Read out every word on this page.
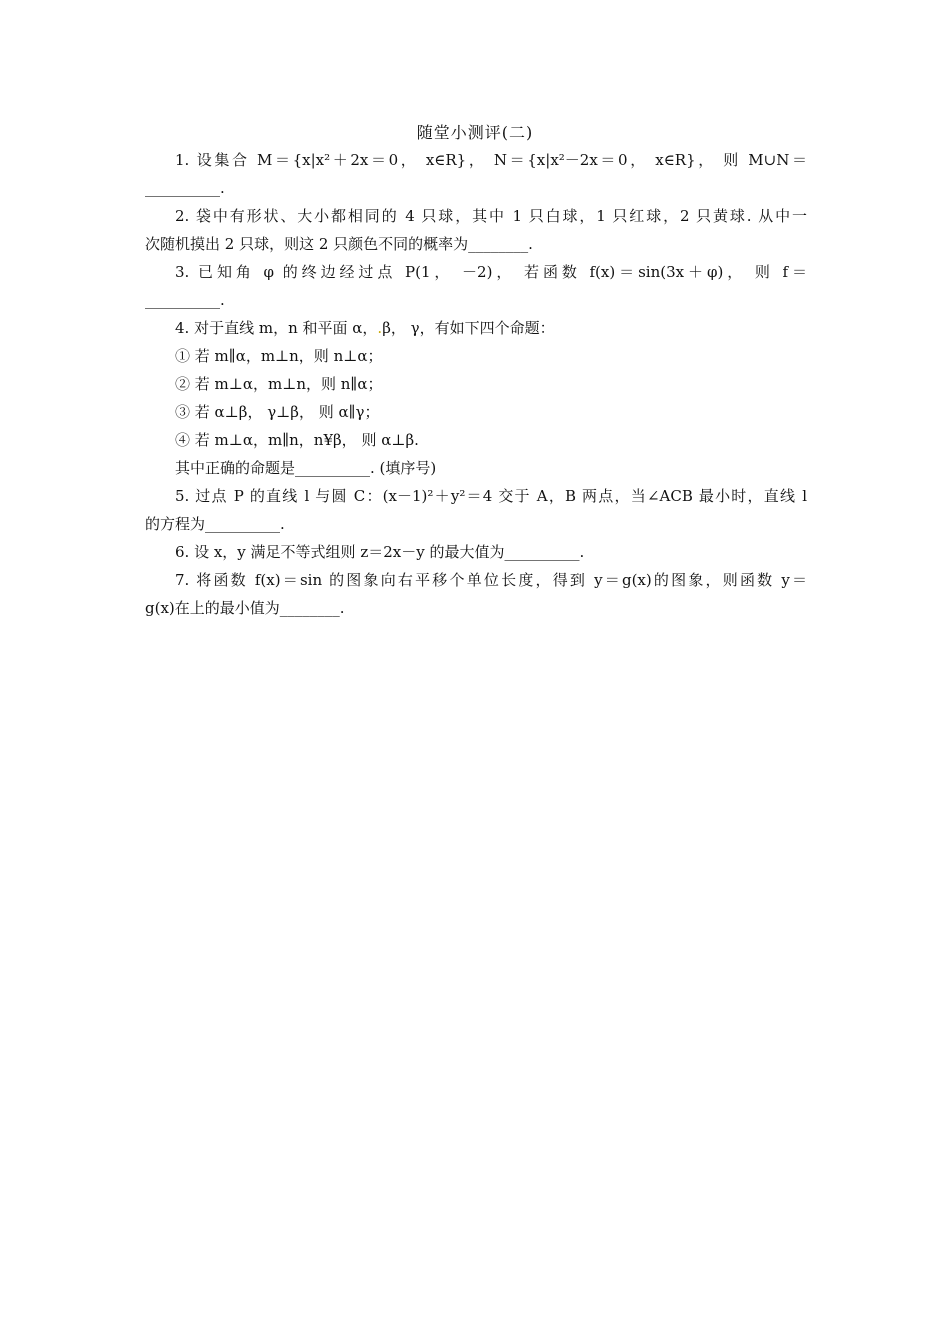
随堂小测评(二)
1. 设集合 M＝{x|x²＋2x＝0， x∈R}， N＝{x|x²－2x＝0， x∈R}， 则 M∪N＝
__________.
2. 袋中有形状、大小都相同的 4 只球，其中 1 只白球，1 只红球，2 只黄球. 从中一
次随机摸出 2 只球，则这 2 只颜色不同的概率为________.
3. 已知角 φ 的终边经过点 P(1， －2)， 若函数 f(x)＝sin(3x＋φ)， 则 f＝
__________.
4. 对于直线 m，n 和平面 α，.β， γ，有如下四个命题：
① 若 m∥α，m⊥n，则 n⊥α；
② 若 m⊥α，m⊥n，则 n∥α；
③ 若 α⊥β， γ⊥β， 则 α∥γ；
④ 若 m⊥α，m∥n，n¥β， 则 α⊥β.
其中正确的命题是__________. (填序号)
5. 过点 P 的直线 l 与圆 C：(x－1)²＋y²＝4 交于 A，B 两点，当∠ACB 最小时，直线 l
的方程为__________.
6. 设 x，y 满足不等式组则 z＝2x－y 的最大值为__________.
7. 将函数 f(x)＝sin 的图象向右平移个单位长度，得到 y＝g(x)的图象，则函数 y＝
g(x)在上的最小值为________.
